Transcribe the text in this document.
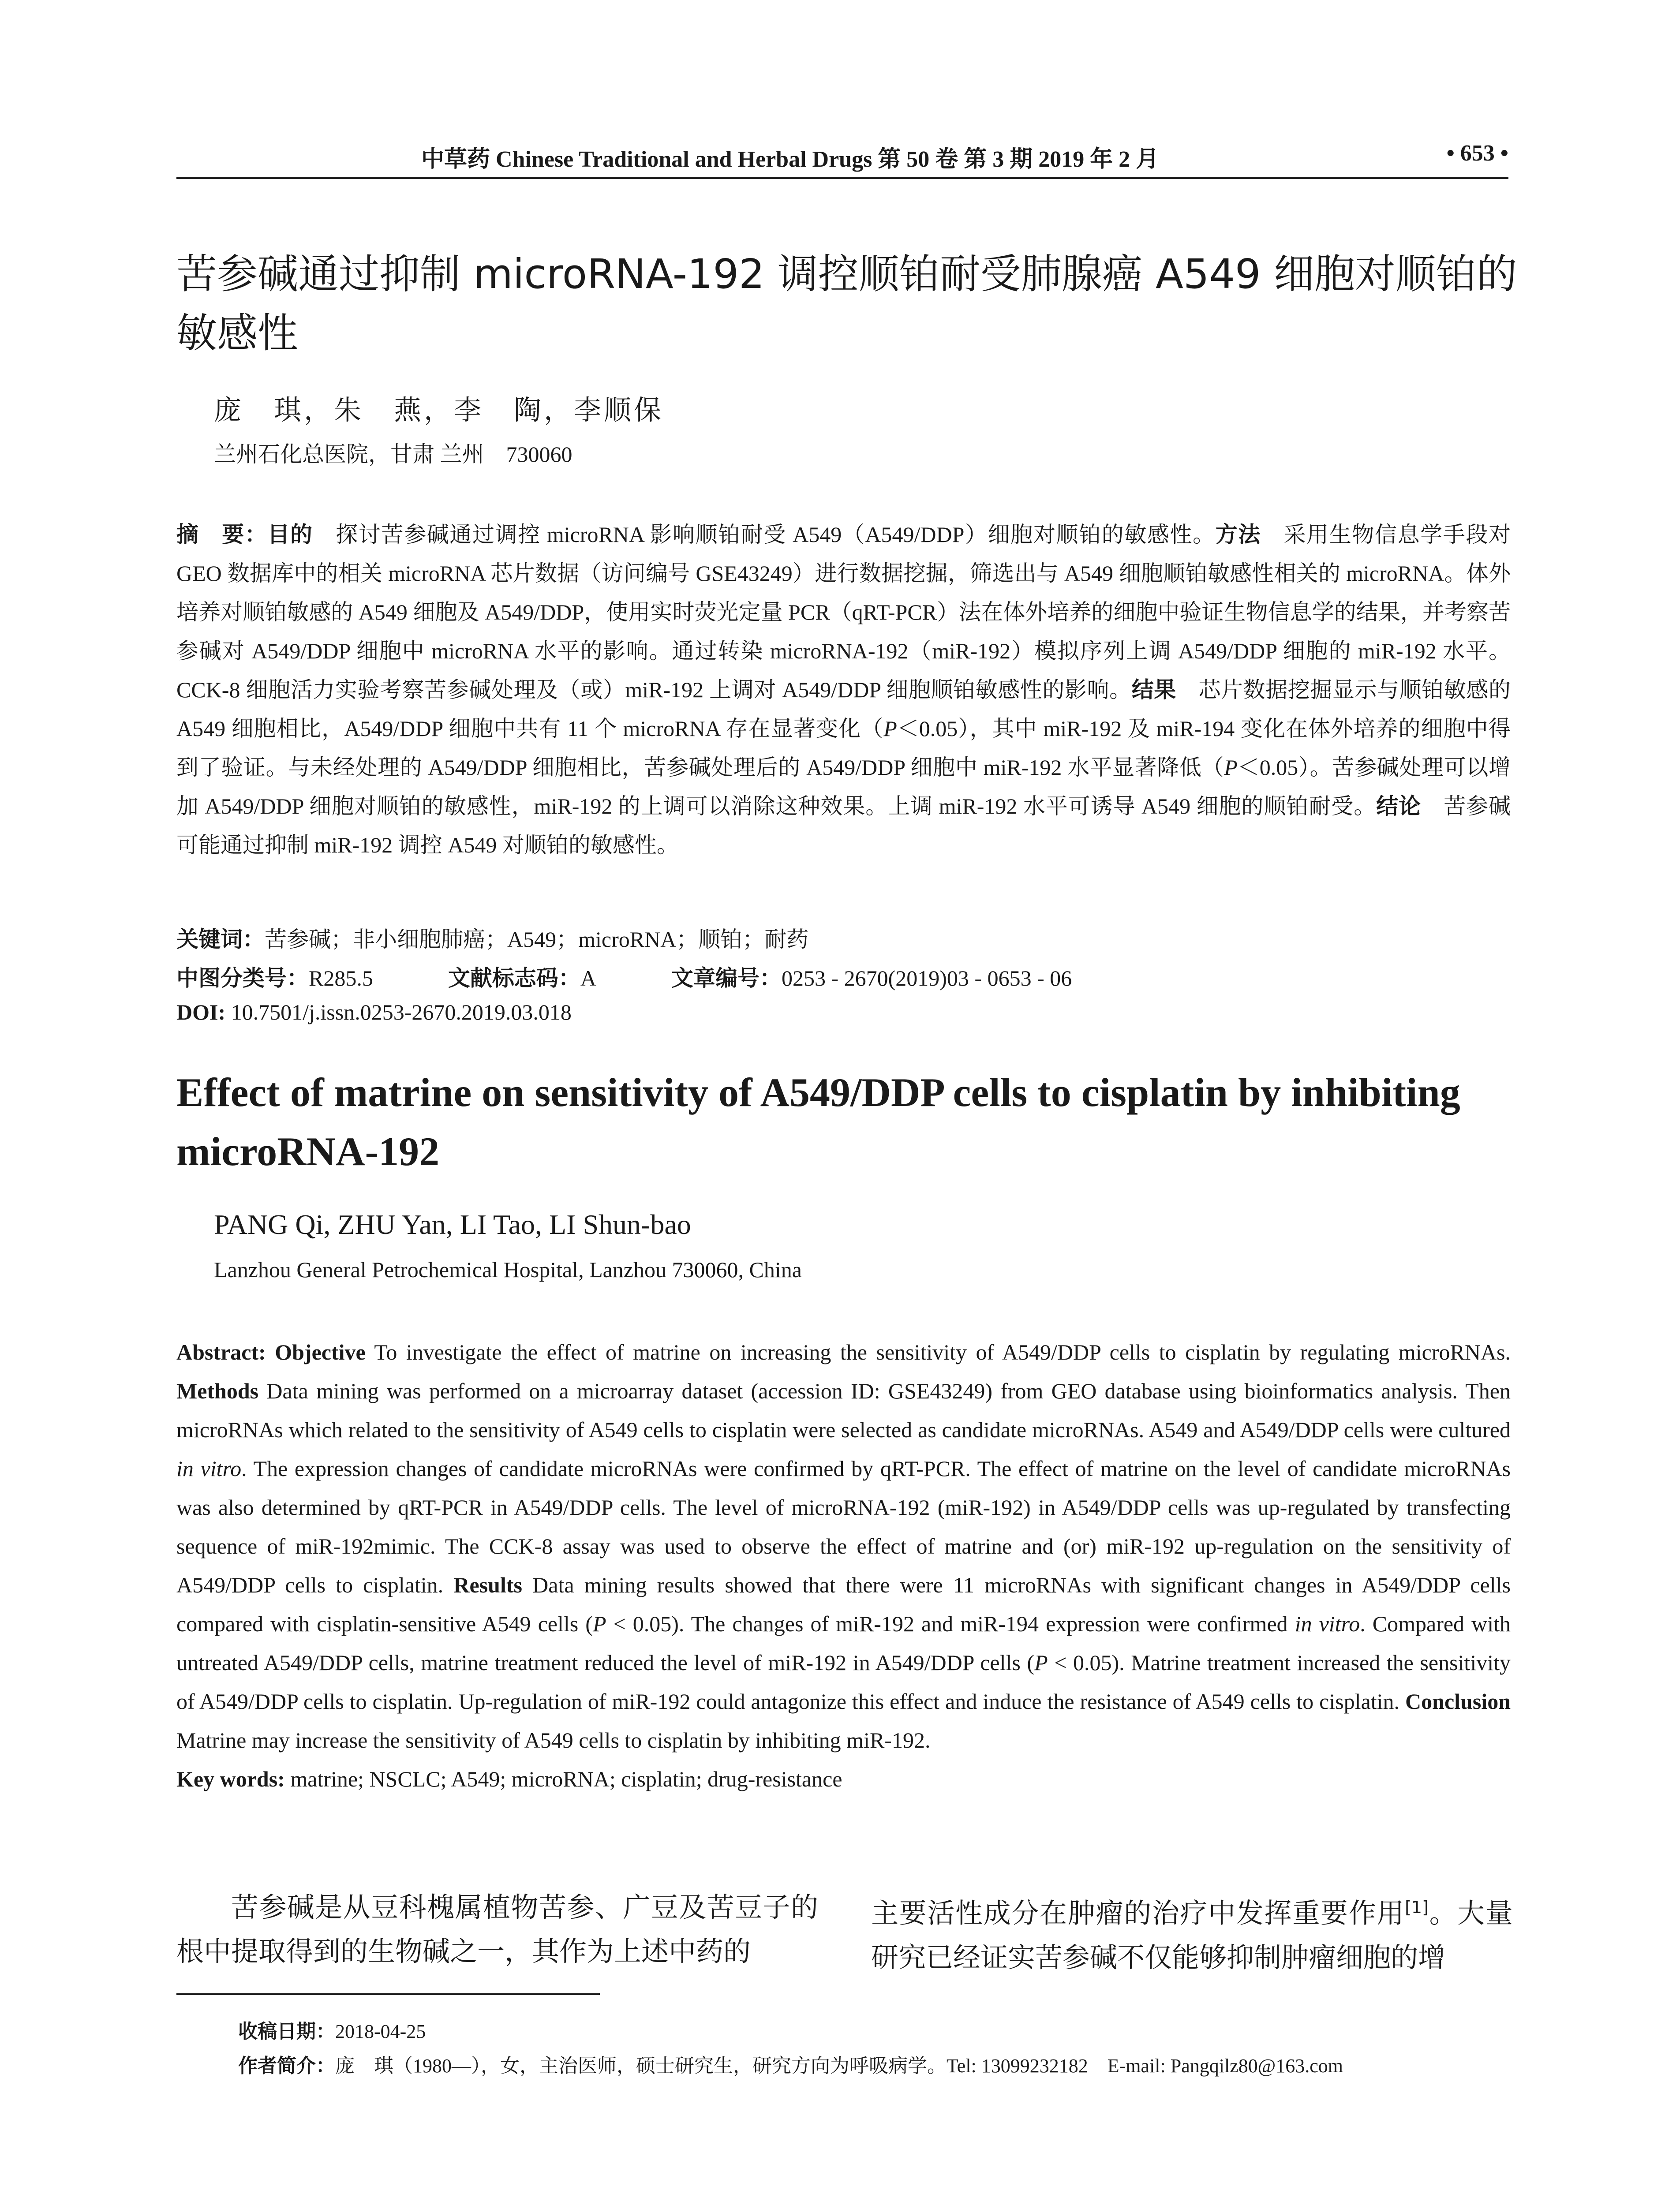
中草药 Chinese Traditional and Herbal Drugs 第 50 卷 第 3 期 2019 年 2 月	• 653 •
苦参碱通过抑制 microRNA-192 调控顺铂耐受肺腺癌 A549 细胞对顺铂的敏感性
庞　琪，朱　燕，李　陶，李顺保
兰州石化总医院，甘肃 兰州　730060
摘　要：目的　探讨苦参碱通过调控 microRNA 影响顺铂耐受 A549（A549/DDP）细胞对顺铂的敏感性。方法　采用生物信息学手段对 GEO 数据库中的相关 microRNA 芯片数据（访问编号 GSE43249）进行数据挖掘，筛选出与 A549 细胞顺铂敏感性相关的 microRNA。体外培养对顺铂敏感的 A549 细胞及 A549/DDP，使用实时荧光定量 PCR（qRT-PCR）法在体外培养的细胞中验证生物信息学的结果，并考察苦参碱对 A549/DDP 细胞中 microRNA 水平的影响。通过转染 microRNA-192（miR-192）模拟序列上调 A549/DDP 细胞的 miR-192 水平。CCK-8 细胞活力实验考察苦参碱处理及（或）miR-192 上调对 A549/DDP 细胞顺铂敏感性的影响。结果　芯片数据挖掘显示与顺铂敏感的 A549 细胞相比，A549/DDP 细胞中共有 11 个 microRNA 存在显著变化（P＜0.05），其中 miR-192 及 miR-194 变化在体外培养的细胞中得到了验证。与未经处理的 A549/DDP 细胞相比，苦参碱处理后的 A549/DDP 细胞中 miR-192 水平显著降低（P＜0.05）。苦参碱处理可以增加 A549/DDP 细胞对顺铂的敏感性，miR-192 的上调可以消除这种效果。上调 miR-192 水平可诱导 A549 细胞的顺铂耐受。结论　苦参碱可能通过抑制 miR-192 调控 A549 对顺铂的敏感性。
关键词：苦参碱；非小细胞肺癌；A549；microRNA；顺铂；耐药
中图分类号：R285.5	文献标志码：A	文章编号：0253 - 2670(2019)03 - 0653 - 06
DOI: 10.7501/j.issn.0253-2670.2019.03.018
Effect of matrine on sensitivity of A549/DDP cells to cisplatin by inhibiting microRNA-192
PANG Qi, ZHU Yan, LI Tao, LI Shun-bao
Lanzhou General Petrochemical Hospital, Lanzhou 730060, China
Abstract: Objective To investigate the effect of matrine on increasing the sensitivity of A549/DDP cells to cisplatin by regulating microRNAs. Methods Data mining was performed on a microarray dataset (accession ID: GSE43249) from GEO database using bioinformatics analysis. Then microRNAs which related to the sensitivity of A549 cells to cisplatin were selected as candidate microRNAs. A549 and A549/DDP cells were cultured in vitro. The expression changes of candidate microRNAs were confirmed by qRT-PCR. The effect of matrine on the level of candidate microRNAs was also determined by qRT-PCR in A549/DDP cells. The level of microRNA-192 (miR-192) in A549/DDP cells was up-regulated by transfecting sequence of miR-192mimic. The CCK-8 assay was used to observe the effect of matrine and (or) miR-192 up-regulation on the sensitivity of A549/DDP cells to cisplatin. Results Data mining results showed that there were 11 microRNAs with significant changes in A549/DDP cells compared with cisplatin-sensitive A549 cells (P < 0.05). The changes of miR-192 and miR-194 expression were confirmed in vitro. Compared with untreated A549/DDP cells, matrine treatment reduced the level of miR-192 in A549/DDP cells (P < 0.05). Matrine treatment increased the sensitivity of A549/DDP cells to cisplatin. Up-regulation of miR-192 could antagonize this effect and induce the resistance of A549 cells to cisplatin. Conclusion Matrine may increase the sensitivity of A549 cells to cisplatin by inhibiting miR-192.
Key words: matrine; NSCLC; A549; microRNA; cisplatin; drug-resistance
苦参碱是从豆科槐属植物苦参、广豆及苦豆子的根中提取得到的生物碱之一，其作为上述中药的
主要活性成分在肿瘤的治疗中发挥重要作用[1]。大量研究已经证实苦参碱不仅能够抑制肿瘤细胞的增
收稿日期：2018-04-25
作者简介：庞　琪（1980—），女，主治医师，硕士研究生，研究方向为呼吸病学。Tel: 13099232182　E-mail: Pangqilz80@163.com
